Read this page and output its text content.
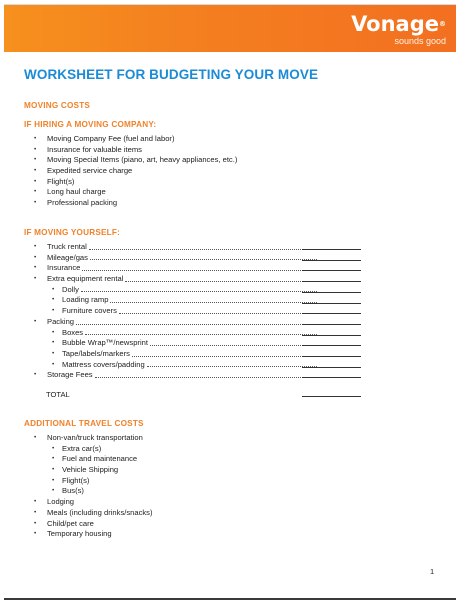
Vonage®
sounds good
WORKSHEET FOR BUDGETING YOUR MOVE
MOVING COSTS
IF HIRING A MOVING COMPANY:
• Moving Company Fee (fuel and labor)
• Insurance for valuable items
• Moving Special Items (piano, art, heavy appliances, etc.)
• Expedited service charge
• Flight(s)
• Long haul charge
• Professional packing
IF MOVING YOURSELF:
• Truck rental
• Mileage/gas
• Insurance
• Extra equipment rental
• Dolly
• Loading ramp
• Furniture covers
• Packing
• Boxes
• Bubble Wrap™/newsprint
• Tape/labels/markers
• Mattress covers/padding
• Storage Fees
TOTAL
ADDITIONAL TRAVEL COSTS
• Non-van/truck transportation
• Extra car(s)
• Fuel and maintenance
• Vehicle Shipping
• Flight(s)
• Bus(s)
• Lodging
• Meals (including drinks/snacks)
• Child/pet care
• Temporary housing
1
